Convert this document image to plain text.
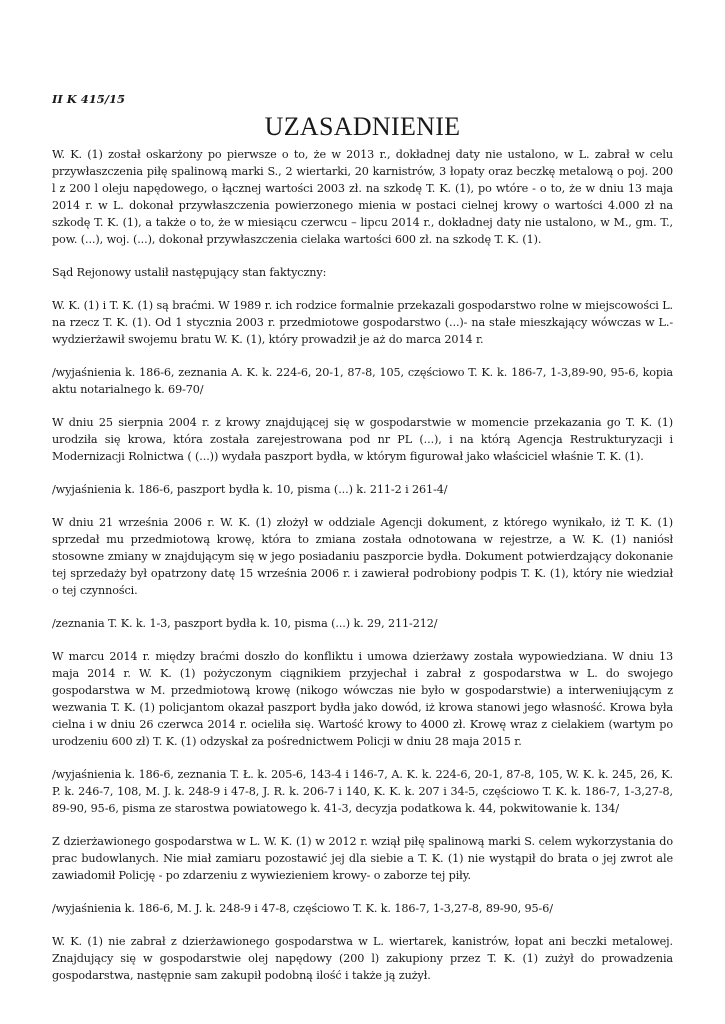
II K 415/15
UZASADNIENIE

W. K. (1) został oskarżony po pierwsze o to, że w 2013 r., dokładnej daty nie ustalono, w L. zabrał w celu przywłaszczenia piłę spalinową marki S., 2 wiertarki, 20 karnistrów, 3 łopaty oraz beczkę metalową o poj. 200 l z 200 l oleju napędowego, o łącznej wartości 2003 zł. na szkodę T. K. (1), po wtóre - o to, że w dniu 13 maja 2014 r. w L. dokonał przywłaszczenia powierzonego mienia w postaci cielnej krowy o wartości 4.000 zł na szkodę T. K. (1), a także o to, że w miesiącu czerwcu – lipcu 2014 r., dokładnej daty nie ustalono, w M., gm. T., pow. (...), woj. (...), dokonał przywłaszczenia cielaka wartości 600 zł. na szkodę T. K. (1).

Sąd Rejonowy ustalił następujący stan faktyczny:

W. K. (1) i T. K. (1) są braćmi. W 1989 r. ich rodzice formalnie przekazali gospodarstwo rolne w miejscowości L. na rzecz T. K. (1). Od 1 stycznia 2003 r. przedmiotowe gospodarstwo (...)- na stałe mieszkający wówczas w L.- wydzierżawił swojemu bratu W. K. (1), który prowadził je aż do marca 2014 r.

/wyjaśnienia k. 186-6, zeznania A. K. k. 224-6, 20-1, 87-8, 105, częściowo T. K. k. 186-7, 1-3,89-90, 95-6, kopia aktu notarialnego k. 69-70/

W dniu 25 sierpnia 2004 r. z krowy znajdującej się w gospodarstwie w momencie przekazania go T. K. (1) urodziła się krowa, która została zarejestrowana pod nr PL (...), i na którą Agencja Restrukturyzacji i Modernizacji Rolnictwa ( (...)) wydała paszport bydła, w którym figurował jako właściciel właśnie T. K. (1).

/wyjaśnienia k. 186-6, paszport bydła k. 10, pisma (...) k. 211-2 i 261-4/

W dniu 21 września 2006 r. W. K. (1) złożył w oddziale Agencji dokument, z którego wynikało, iż T. K. (1) sprzedał mu przedmiotową krowę, która to zmiana została odnotowana w rejestrze, a W. K. (1) naniósł stosowne zmiany w znajdującym się w jego posiadaniu paszporcie bydła. Dokument potwierdzający dokonanie tej sprzedaży był opatrzony datę 15 września 2006 r. i zawierał podrobiony podpis T. K. (1), który nie wiedział o tej czynności.

/zeznania T. K. k. 1-3, paszport bydła k. 10, pisma (...) k. 29, 211-212/

W marcu 2014 r. między braćmi doszło do konfliktu i umowa dzierżawy została wypowiedziana. W dniu 13 maja 2014 r. W. K. (1) pożyczonym ciągnikiem przyjechał i zabrał z gospodarstwa w L. do swojego gospodarstwa w M. przedmiotową krowę (nikogo wówczas nie było w gospodarstwie) a interweniującym z wezwania T. K. (1) policjantom okazał paszport bydła jako dowód, iż krowa stanowi jego własność. Krowa była cielna i w dniu 26 czerwca 2014 r. ocieliła się. Wartość krowy to 4000 zł. Krowę wraz z cielakiem (wartym po urodzeniu 600 zł) T. K. (1) odzyskał za pośrednictwem Policji w dniu 28 maja 2015 r.

/wyjaśnienia k. 186-6, zeznania T. Ł. k. 205-6, 143-4 i 146-7, A. K. k. 224-6, 20-1, 87-8, 105, W. K. k. 245, 26, K. P. k. 246-7, 108, M. J. k. 248-9 i 47-8, J. R. k. 206-7 i 140, K. K. k. 207 i 34-5, częściowo T. K. k. 186-7, 1-3,27-8, 89-90, 95-6, pisma ze starostwa powiatowego k. 41-3, decyzja podatkowa k. 44, pokwitowanie k. 134/

Z dzierżawionego gospodarstwa w L. W. K. (1) w 2012 r. wziął piłę spalinową marki S. celem wykorzystania do prac budowlanych. Nie miał zamiaru pozostawić jej dla siebie a T. K. (1) nie wystąpił do brata o jej zwrot ale zawiadomił Policję - po zdarzeniu z wywiezieniem krowy- o zaborze tej piły.

/wyjaśnienia k. 186-6, M. J. k. 248-9 i 47-8, częściowo T. K. k. 186-7, 1-3,27-8, 89-90, 95-6/

W. K. (1) nie zabrał z dzierżawionego gospodarstwa w L. wiertarek, kanistrów, łopat ani beczki metalowej. Znajdujący się w gospodarstwie olej napędowy (200 l) zakupiony przez T. K. (1) zużył do prowadzenia gospodarstwa, następnie sam zakupił podobną ilość i także ją zużył.
